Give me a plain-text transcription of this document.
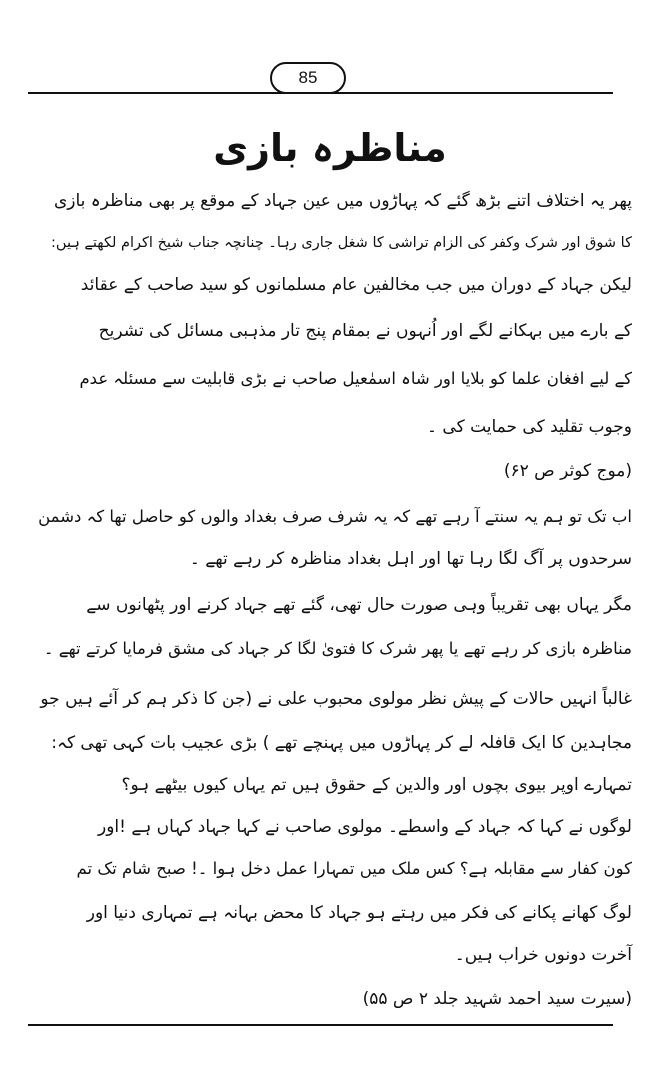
85
مناظرہ بازی
پھر یہ اختلاف اتنے بڑھ گئے کہ پہاڑوں میں عین جہاد کے موقع پر بھی مناظرہ بازی
کا شوق اور شرک وکفر کی الزام تراشی کا شغل جاری رہا۔ چنانچہ جناب شیخ اکرام لکھتے ہیں:
لیکن جہاد کے دوران میں جب مخالفین عام مسلمانوں کو سید صاحب کے عقائد
کے بارے میں بہکانے لگے اور اُنہوں نے بمقام پنج تار مذہبی مسائل کی تشریح
کے لیے افغان علما کو بلایا اور شاہ اسمٰعیل صاحب نے بڑی قابلیت سے مسئلہ عدم
وجوب تقلید کی حمایت کی ۔
(موج کوثر ص ۶۲)
اب تک تو ہم یہ سنتے آ رہے تھے کہ یہ شرف صرف بغداد والوں کو حاصل تھا کہ دشمن
سرحدوں پر آگ لگا رہا تھا اور اہل بغداد مناظرہ کر رہے تھے ۔
مگر یہاں بھی تقریباً وہی صورت حال تھی، گئے تھے جہاد کرنے اور پٹھانوں سے
مناظرہ بازی کر رہے تھے یا پھر شرک کا فتویٰ لگا کر جہاد کی مشق فرمایا کرتے تھے ۔
غالباً انہیں حالات کے پیش نظر مولوی محبوب علی نے (جن کا ذکر ہم کر آئے ہیں جو
مجاہدین کا ایک قافلہ لے کر پہاڑوں میں پہنچے تھے ) بڑی عجیب بات کہی تھی کہ:
تمہارے اوپر بیوی بچوں اور والدین کے حقوق ہیں تم یہاں کیوں بیٹھے ہو؟
لوگوں نے کہا کہ جہاد کے واسطے۔ مولوی صاحب نے کہا جہاد کہاں ہے !اور
کون کفار سے مقابلہ ہے؟ کس ملک میں تمہارا عمل دخل ہوا ۔! صبح شام تک تم
لوگ کھانے پکانے کی فکر میں رہتے ہو جہاد کا محض بہانہ ہے تمہاری دنیا اور
آخرت دونوں خراب ہیں۔
(سیرت سید احمد شہید جلد ۲ ص ۵۵)
